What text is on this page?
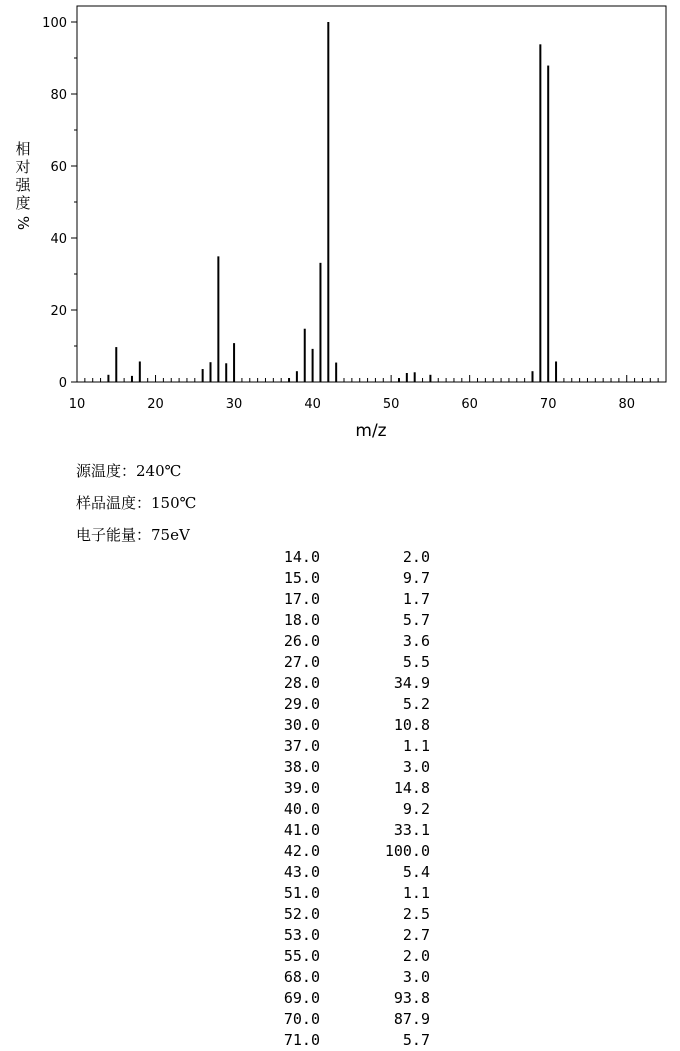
10	20	30	40	50	60	70	80
0
20
40
60
80
100
m/z
相
对
强
度
%
源温度：240℃
样品温度：150℃
电子能量：75eV
14.0	2.0
15.0	9.7
17.0	1.7
18.0	5.7
26.0	3.6
27.0	5.5
28.0	34.9
29.0	5.2
30.0	10.8
37.0	1.1
38.0	3.0
39.0	14.8
40.0	9.2
41.0	33.1
42.0	100.0
43.0	5.4
51.0	1.1
52.0	2.5
53.0	2.7
55.0	2.0
68.0	3.0
69.0	93.8
70.0	87.9
71.0	5.7
